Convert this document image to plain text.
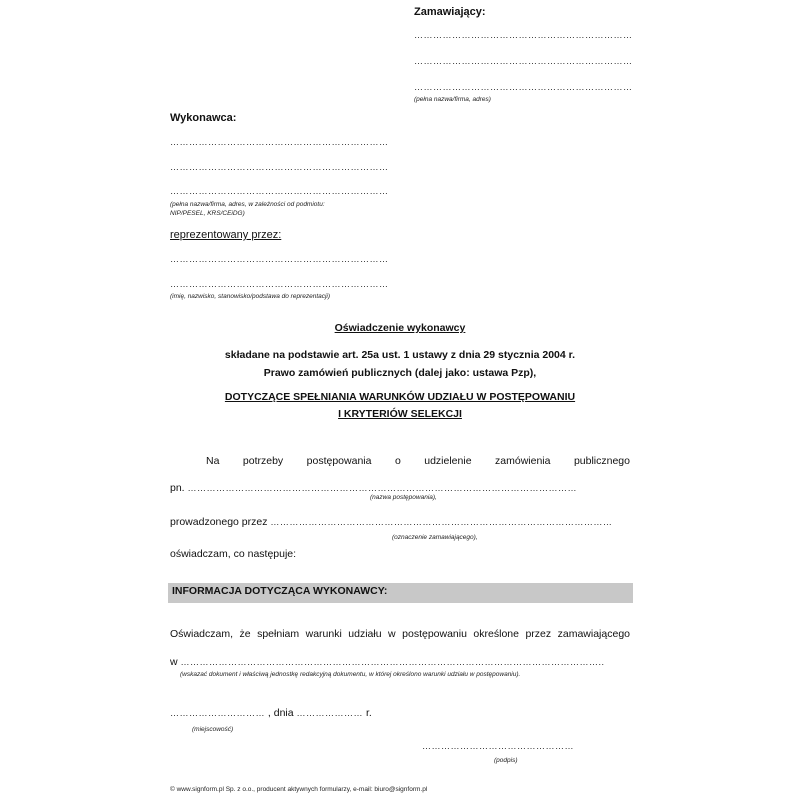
Zamawiający:
……………………………………………………………
……………………………………………………………
……………………………………………………………
(pełna nazwa/firma, adres)
Wykonawca:
……………………………………………………………
……………………………………………………………
……………………………………………………………
(pełna nazwa/firma, adres, w zależności od podmiotu:
NIP/PESEL, KRS/CEiDG)
reprezentowany przez:
……………………………………………………………
……………………………………………………………
(imię, nazwisko, stanowisko/podstawa do reprezentacji)
Oświadczenie wykonawcy
składane na podstawie art. 25a ust. 1 ustawy z dnia 29 stycznia 2004 r.
Prawo zamówień publicznych (dalej jako: ustawa Pzp),
DOTYCZĄCE SPEŁNIANIA WARUNKÓW UDZIAŁU W POSTĘPOWANIU
I KRYTERIÓW SELEKCJI
Na potrzeby postępowania o udzielenie zamówienia publicznego
pn. ……………………………………………………………………………………………………………
(nazwa postępowania),
prowadzonego przez ………………………………………………………………………………………………
(oznaczenie zamawiającego),
oświadczam, co następuje:
INFORMACJA DOTYCZĄCA WYKONAWCY:
Oświadczam, że spełniam warunki udziału w postępowaniu określone przez zamawiającego
w ……………………………………………………………………………………………………………………..
(wskazać dokument i właściwą jednostkę redakcyjną dokumentu, w której określono warunki udziału w postępowaniu).
………………………… , dnia ………………… r.
(miejscowość)
…………………………………………
(podpis)
© www.signform.pl Sp. z o.o., producent aktywnych formularzy, e-mail: biuro@signform.pl
